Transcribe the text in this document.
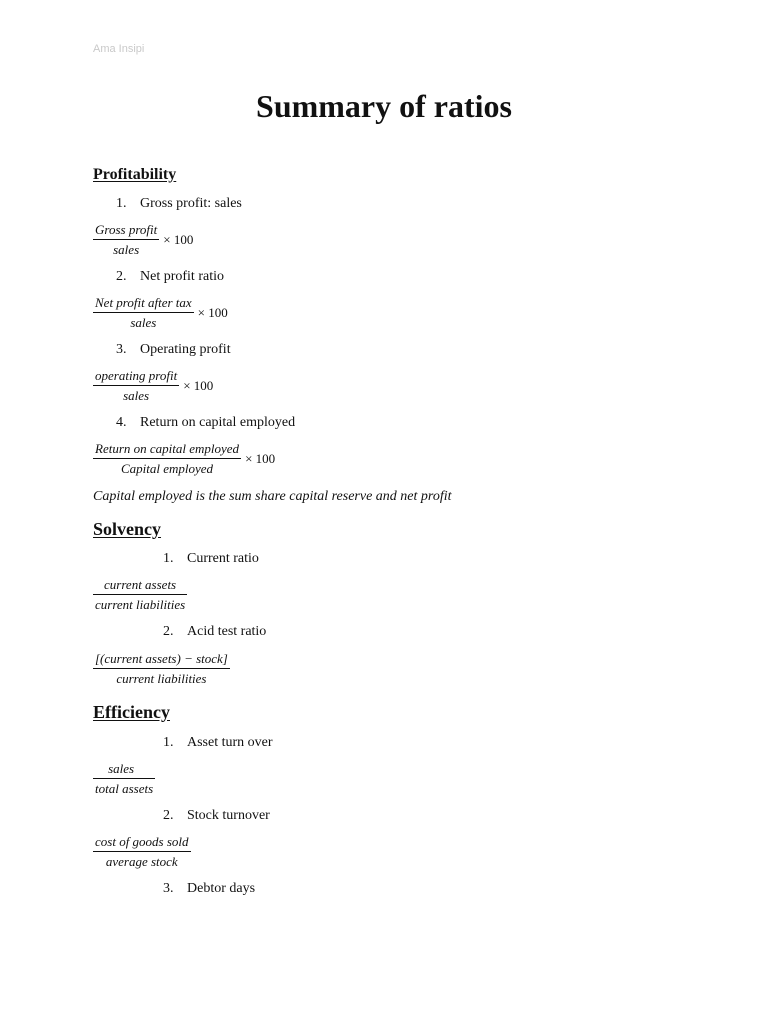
Ama Insipi
Summary of ratios
Profitability
1. Gross profit: sales
$\frac{\text{Gross profit}}{\text{sales}} \times 100$
2. Net profit ratio
$\frac{\text{Net profit after tax}}{\text{sales}} \times 100$
3. Operating profit
$\frac{\text{operating profit}}{\text{sales}} \times 100$
4. Return on capital employed
$\frac{\text{Return on capital employed}}{\text{Capital employed}} \times 100$
Capital employed is the sum share capital reserve and net profit
Solvency
1. Current ratio
$\frac{\text{current assets}}{\text{current liabilities}}$
2. Acid test ratio
$\frac{\text{[(current assets) − stock]}}{\text{current liabilities}}$
Efficiency
1. Asset turn over
$\frac{\text{sales}}{\text{total assets}}$
2. Stock turnover
$\frac{\text{cost of goods sold}}{\text{average stock}}$
3. Debtor days
